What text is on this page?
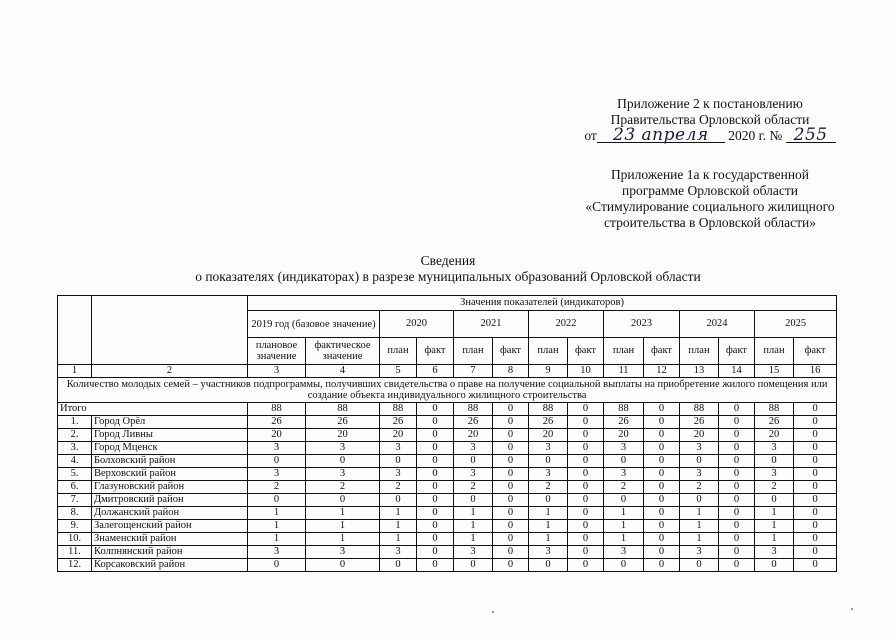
Приложение 2 к постановлению
Правительства Орловской области
от 23 апреля 2020 г. № 255
Приложение 1а к государственной
программе Орловской области
«Стимулирование социального жилищного
строительства в Орловской области»
Сведения
о показателях (индикаторах) в разрезе муниципальных образований Орловской области
		Значения показателей (индикаторов)													
		2019 год (базовое значение)		2020		2021		2022		2023		2024		2025	
		плановое значение	фактическое значение	план	факт	план	факт	план	факт	план	факт	план	факт	план	факт
1	2	3	4	5	6	7	8	9	10	11	12	13	14	15	16
Количество молодых семей – участников подпрограммы, получивших свидетельства о праве на получение социальной выплаты на приобретение жилого помещения или создание объекта индивидуального жилищного строительства															
Итого		88	88	88	0	88	0	88	0	88	0	88	0	88	0
1.	Город Орёл	26	26	26	0	26	0	26	0	26	0	26	0	26	0
2.	Город Ливны	20	20	20	0	20	0	20	0	20	0	20	0	20	0
3.	Город Мценск	3	3	3	0	3	0	3	0	3	0	3	0	3	0
4.	Болховский район	0	0	0	0	0	0	0	0	0	0	0	0	0	0
5.	Верховский район	3	3	3	0	3	0	3	0	3	0	3	0	3	0
6.	Глазуновский район	2	2	2	0	2	0	2	0	2	0	2	0	2	0
7.	Дмитровский район	0	0	0	0	0	0	0	0	0	0	0	0	0	0
8.	Должанский район	1	1	1	0	1	0	1	0	1	0	1	0	1	0
9.	Залегощенский район	1	1	1	0	1	0	1	0	1	0	1	0	1	0
10.	Знаменский район	1	1	1	0	1	0	1	0	1	0	1	0	1	0
11.	Колпнянский район	3	3	3	0	3	0	3	0	3	0	3	0	3	0
12.	Корсаковский район	0	0	0	0	0	0	0	0	0	0	0	0	0	0
